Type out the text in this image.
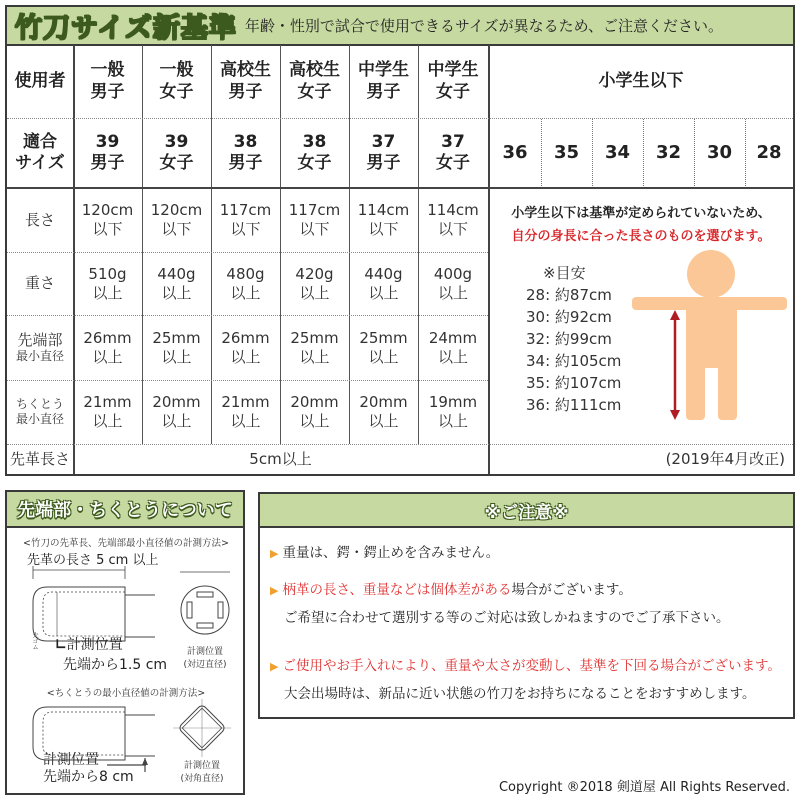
竹刀サイズ新基準 年齢・性別で試合で使用できるサイズが異なるため、ご注意ください。
使用者
適合
サイズ
長さ
重さ
先端部
最小直径
ちくとう
最小直径
先革長さ
一般
男子
39
男子
120cm
以下
510g
以上
26mm
以上
21mm
以上
一般
女子
39
女子
120cm
以下
440g
以上
25mm
以上
20mm
以上
高校生
男子
38
男子
117cm
以下
480g
以上
26mm
以上
21mm
以上
高校生
女子
38
女子
117cm
以下
420g
以上
25mm
以上
20mm
以上
中学生
男子
37
男子
114cm
以下
440g
以上
25mm
以上
20mm
以上
中学生
女子
37
女子
114cm
以下
400g
以上
24mm
以上
19mm
以上
5cm以上
小学生以下
36 35 34 32 30 28
小学生以下は基準が定められていないため、
自分の身長に合った長さのものを選びます。
※目安
28: 約87cm
30: 約92cm
32: 約99cm
34: 約105cm
35: 約107cm
36: 約111cm
(2019年4月改正)
先端部・ちくとうについて
<竹刀の先革長、先端部最小直径値の計測方法>
先革の長さ 5 cm 以上
先ゴム ∟計測位置
先端から1.5 cm
計測位置
(対辺直径)
<ちくとうの最小直径値の計測方法>
計測位置
先端から8 cm
計測位置
(対角直径)
※ご注意※
▶ 重量は、鍔・鍔止めを含みません。
▶ 柄革の長さ、重量などは個体差がある場合がございます。
ご希望に合わせて選別する等のご対応は致しかねますのでご了承下さい。
▶ ご使用やお手入れにより、重量や太さが変動し、基準を下回る場合がございます。
大会出場時は、新品に近い状態の竹刀をお持ちになることをおすすめします。
Copyright ®2018 剣道屋 All Rights Reserved.
